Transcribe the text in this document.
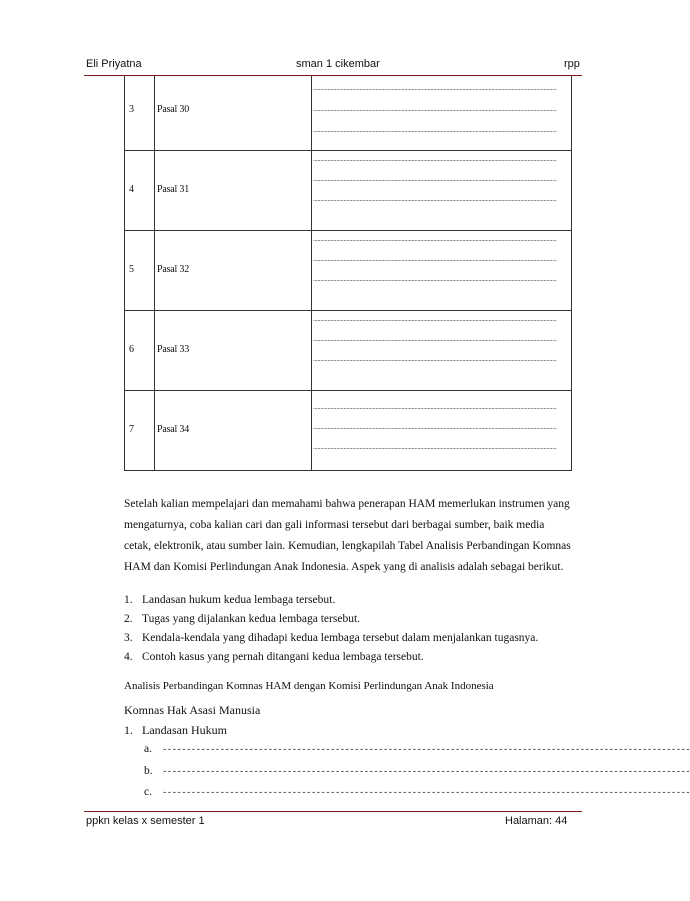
Eli Priyatna	sman 1 cikembar	rpp
3 Pasal 30
........................................................................................................................................................................
........................................................................................................................................................................
........................................................................................................................................................................
4 Pasal 31
........................................................................................................................................................................
........................................................................................................................................................................
........................................................................................................................................................................
5 Pasal 32
........................................................................................................................................................................
........................................................................................................................................................................
........................................................................................................................................................................
6 Pasal 33
........................................................................................................................................................................
........................................................................................................................................................................
........................................................................................................................................................................
7 Pasal 34
........................................................................................................................................................................
........................................................................................................................................................................
........................................................................................................................................................................
Setelah kalian mempelajari dan memahami bahwa penerapan HAM memerlukan instrumen yang
mengaturnya, coba kalian cari dan gali informasi tersebut dari berbagai sumber, baik media
cetak, elektronik, atau sumber lain. Kemudian, lengkapilah Tabel Analisis Perbandingan Komnas
HAM dan Komisi Perlindungan Anak Indonesia. Aspek yang di analisis adalah sebagai berikut.
1. Landasan hukum kedua lembaga tersebut.
2. Tugas yang dijalankan kedua lembaga tersebut.
3. Kendala-kendala yang dihadapi kedua lembaga tersebut dalam menjalankan tugasnya.
4. Contoh kasus yang pernah ditangani kedua lembaga tersebut.
Analisis Perbandingan Komnas HAM dengan Komisi Perlindungan Anak Indonesia
Komnas Hak Asasi Manusia
1. Landasan Hukum
a. --------------------------------------------------------------------------------------------------------------
b. --------------------------------------------------------------------------------------------------------------
c. --------------------------------------------------------------------------------------------------------------
ppkn kelas x semester 1	Halaman: 44
